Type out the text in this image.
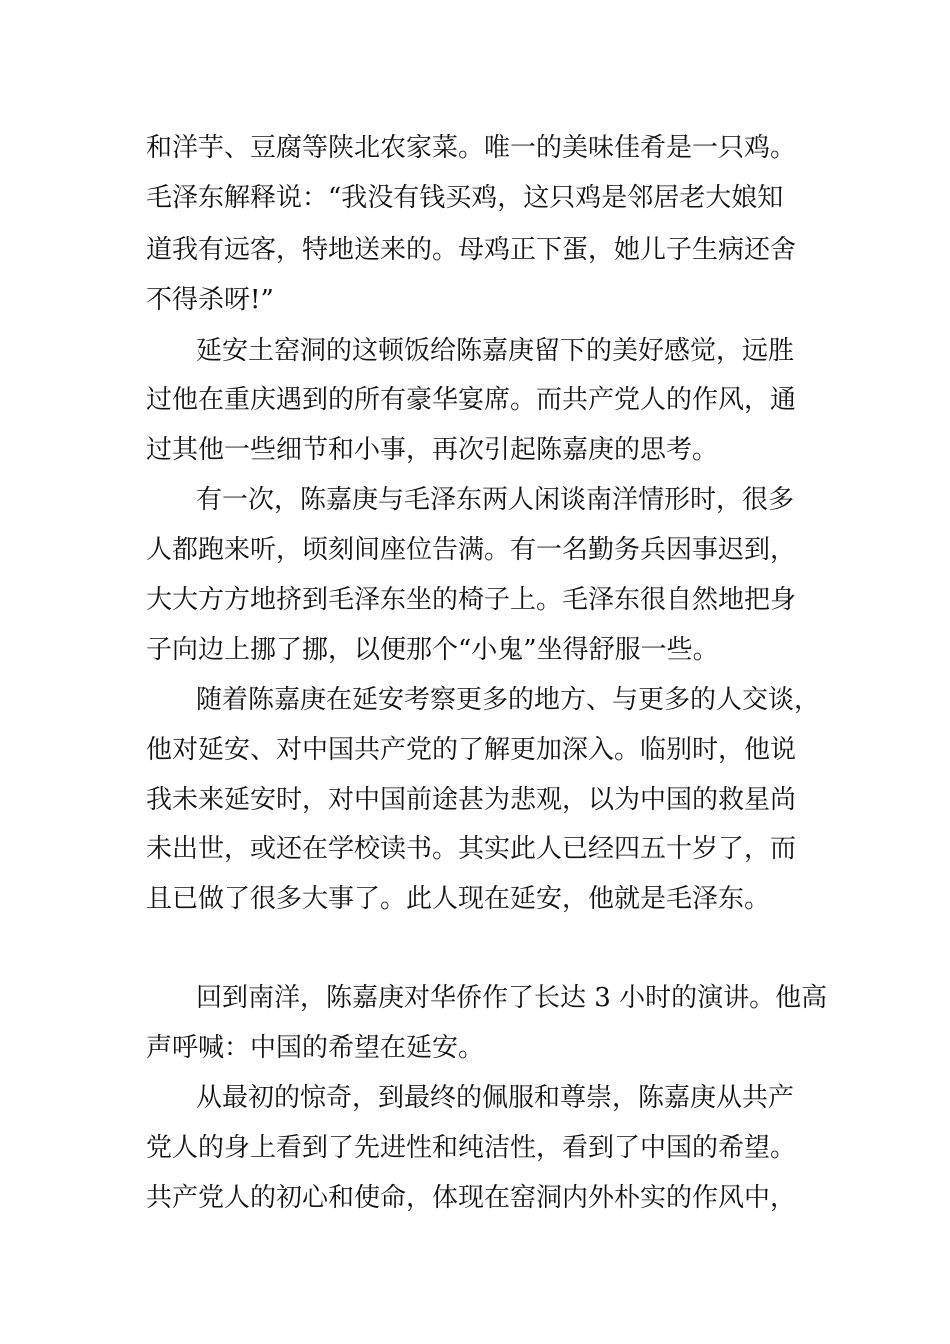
和洋芋、豆腐等陕北农家菜。唯一的美味佳肴是一只鸡。

毛泽东解释说：“我没有钱买鸡，这只鸡是邻居老大娘知

道我有远客，特地送来的。母鸡正下蛋，她儿子生病还舍

不得杀呀!”

延安土窑洞的这顿饭给陈嘉庚留下的美好感觉，远胜

过他在重庆遇到的所有豪华宴席。而共产党人的作风，通

过其他一些细节和小事，再次引起陈嘉庚的思考。

有一次，陈嘉庚与毛泽东两人闲谈南洋情形时，很多

人都跑来听，顷刻间座位告满。有一名勤务兵因事迟到，

大大方方地挤到毛泽东坐的椅子上。毛泽东很自然地把身

子向边上挪了挪，以便那个“小鬼”坐得舒服一些。

随着陈嘉庚在延安考察更多的地方、与更多的人交谈，

他对延安、对中国共产党的了解更加深入。临别时，他说

我未来延安时，对中国前途甚为悲观，以为中国的救星尚

未出世，或还在学校读书。其实此人已经四五十岁了，而

且已做了很多大事了。此人现在延安，他就是毛泽东。

回到南洋，陈嘉庚对华侨作了长达 3 小时的演讲。他高

声呼喊：中国的希望在延安。

从最初的惊奇，到最终的佩服和尊崇，陈嘉庚从共产

党人的身上看到了先进性和纯洁性，看到了中国的希望。

共产党人的初心和使命，体现在窑洞内外朴实的作风中，
